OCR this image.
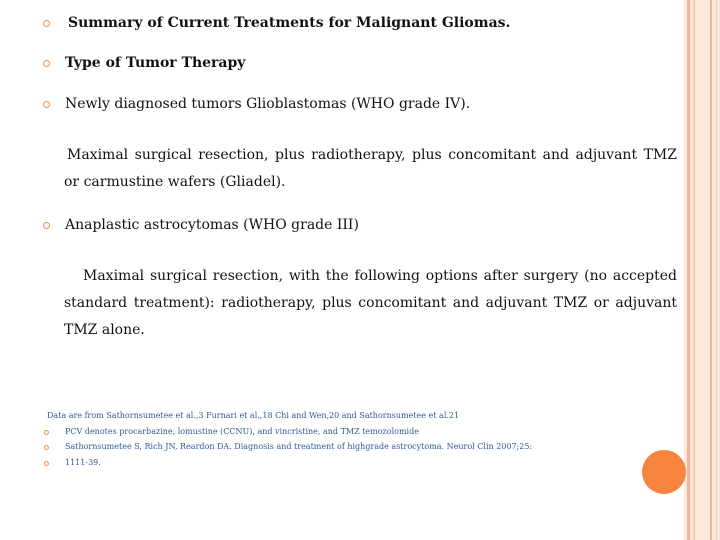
Summary of Current Treatments for Malignant Gliomas.
Type of Tumor Therapy
Newly diagnosed tumors Glioblastomas (WHO grade IV).
Maximal surgical resection, plus radiotherapy, plus concomitant and adjuvant TMZ or carmustine wafers (Gliadel).
Anaplastic astrocytomas (WHO grade III)
Maximal surgical resection, with the following options after surgery (no accepted standard treatment): radiotherapy, plus concomitant and adjuvant TMZ or adjuvant TMZ alone.
Data are from Sathornsumetee et al.,3 Furnari et al.,18 Chi and Wen,20 and Sathornsumetee et al.21
PCV denotes procarbazine, lomustine (CCNU), and vincristine, and TMZ temozolomide
Sathornsumetee S, Rich JN, Reardon DA. Diagnosis and treatment of highgrade astrocytoma. Neurol Clin 2007;25:
1111-39.
